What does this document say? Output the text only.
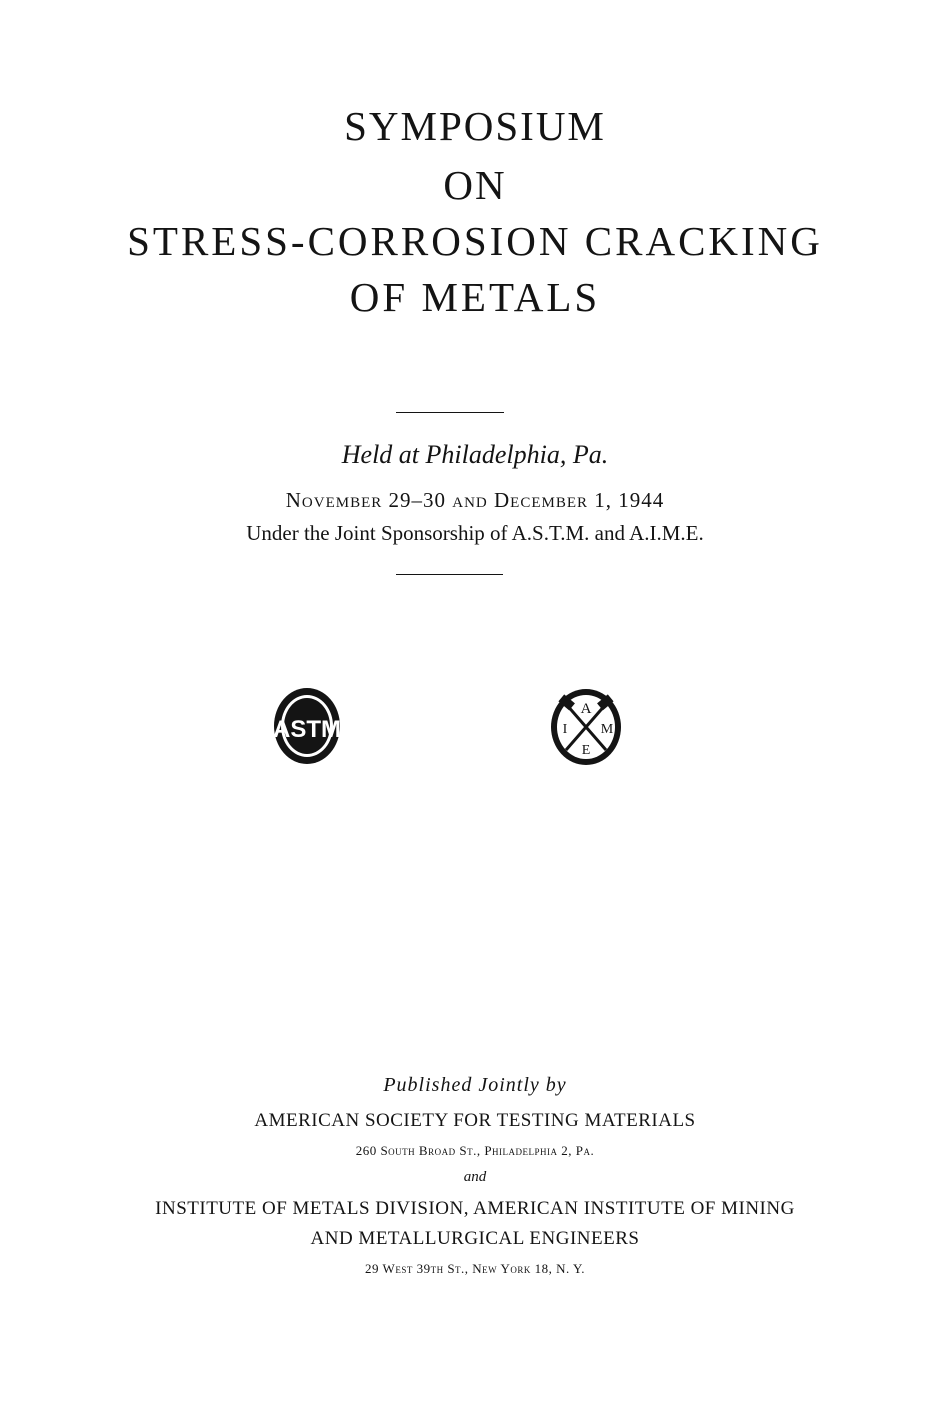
SYMPOSIUM
ON
STRESS-CORROSION CRACKING
OF METALS
Held at Philadelphia, Pa.
November 29–30 and December 1, 1944
Under the Joint Sponsorship of A.S.T.M. and A.I.M.E.
ASTM
A
I M
E
Published Jointly by
AMERICAN SOCIETY FOR TESTING MATERIALS
260 South Broad St., Philadelphia 2, Pa.
and
INSTITUTE OF METALS DIVISION, AMERICAN INSTITUTE OF MINING
AND METALLURGICAL ENGINEERS
29 West 39th St., New York 18, N. Y.
